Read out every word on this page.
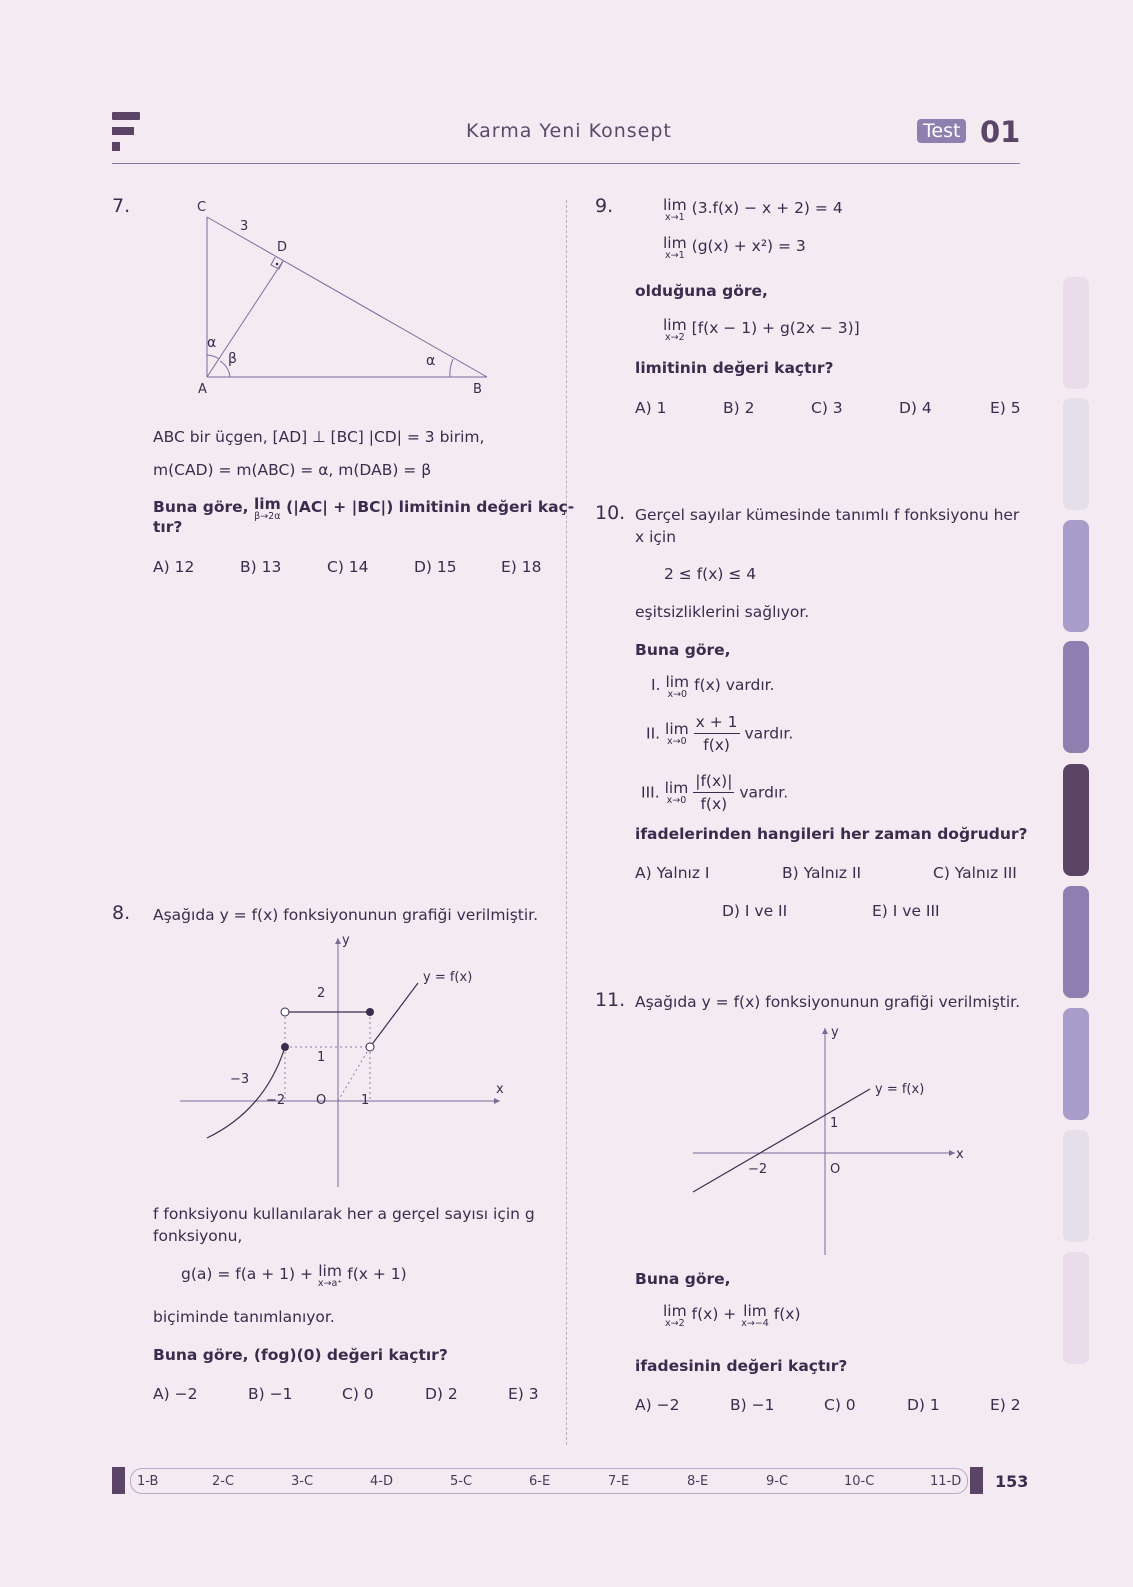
Karma Yeni Konsept	Test 01
7.	C
3
D
α
β	α
A	B
ABC bir üçgen, [AD] ⊥ [BC] |CD| = 3 birim,
m(CAD) = m(ABC) = α, m(DAB) = β
Buna göre, lim
β→2α
(|AC| + |BC|) limitinin değeri kaç-
tır?
A) 12	B) 13	C) 14	D) 15	E) 18
8. Aşağıda y = f(x) fonksiyonunun grafiği verilmiştir.
y
x
y = f(x)
2
1
−3
−2 O	1
f fonksiyonu kullanılarak her a gerçel sayısı için g
fonksiyonu,
g(a) = f(a + 1) + lim
x→a⁺
f(x + 1)
biçiminde tanımlanıyor.
Buna göre, (fog)(0) değeri kaçtır?
A) −2	B) −1	C) 0	D) 2	E) 3
9.	lim
x→1
(3.f(x) − x + 2) = 4
lim
x→1
(g(x) + x²) = 3
olduğuna göre,
lim
x→2
[f(x − 1) + g(2x − 3)]
limitinin değeri kaçtır?
A) 1	B) 2	C) 3	D) 4	E) 5
10. Gerçel sayılar kümesinde tanımlı f fonksiyonu her
x için
2 ≤ f(x) ≤ 4
eşitsizliklerini sağlıyor.
Buna göre,
I. lim
x→0
f(x) vardır.
II. lim
x→0
$\frac{x + 1}{f(x)}$ vardır.
III. lim
x→0
$\frac{|f(x)|}{f(x)}$ vardır.
ifadelerinden hangileri her zaman doğrudur?
A) Yalnız I	B) Yalnız II	C) Yalnız III
D) I ve II	E) I ve III
11. Aşağıda y = f(x) fonksiyonunun grafiği verilmiştir.
y
x
y = f(x)
1
−2	O
Buna göre,
lim
x→2
f(x) + lim
x→−4
f(x)
ifadesinin değeri kaçtır?
A) −2	B) −1	C) 0	D) 1	E) 2
1-B	2-C	3-C	4-D	5-C	6-E	7-E	8-E	9-C	10-C	11-D 153
